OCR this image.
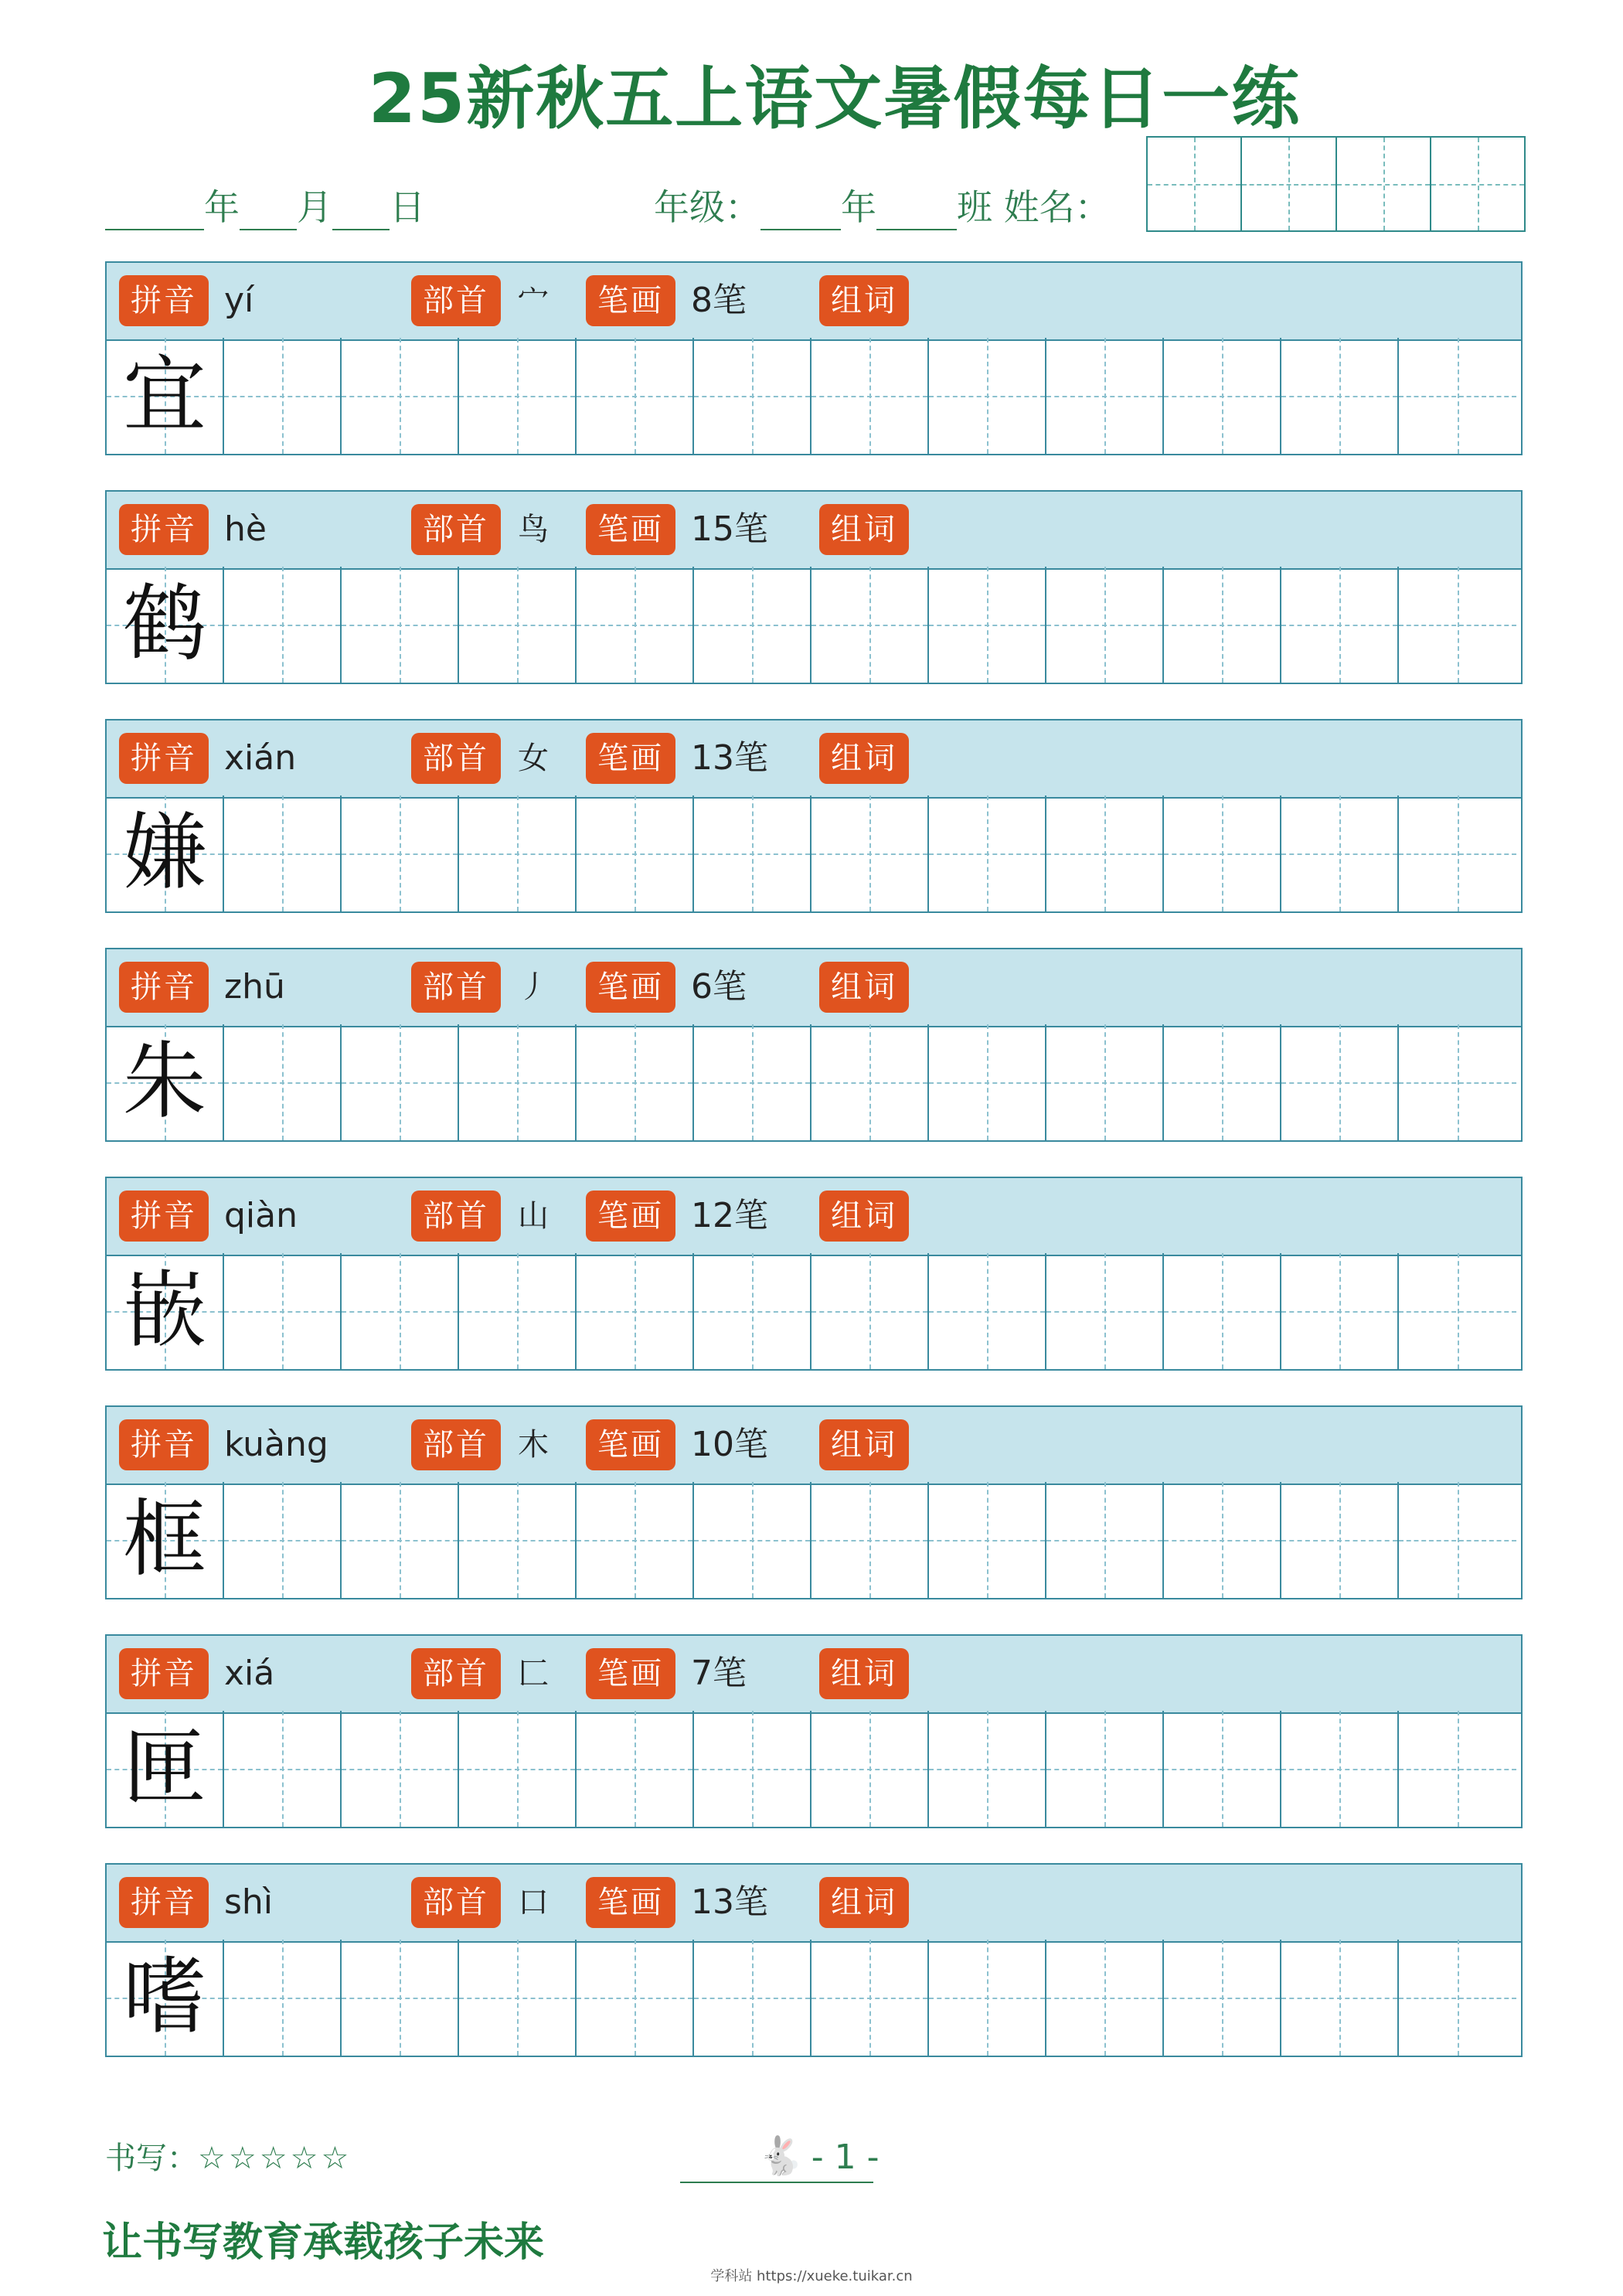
25新秋五上语文暑假每日一练
年 月 日	年级： 年 班 姓名：
拼音 yí	部首 宀	笔画 8笔	组词
宜
拼音 hè	部首 鸟	笔画 15笔	组词
鹤
拼音 xián	部首 女	笔画 13笔	组词
嫌
拼音 zhū	部首 丿	笔画 6笔	组词
朱
拼音 qiàn	部首 山	笔画 12笔	组词
嵌
拼音 kuàng	部首 木	笔画 10笔	组词
框
拼音 xiá	部首 匚	笔画 7笔	组词
匣
拼音 shì	部首 口	笔画 13笔	组词
嗜
书写：☆☆☆☆☆	🐇 - 1 -
让书写教育承载孩子未来
学科站 https://xueke.tuikar.cn
